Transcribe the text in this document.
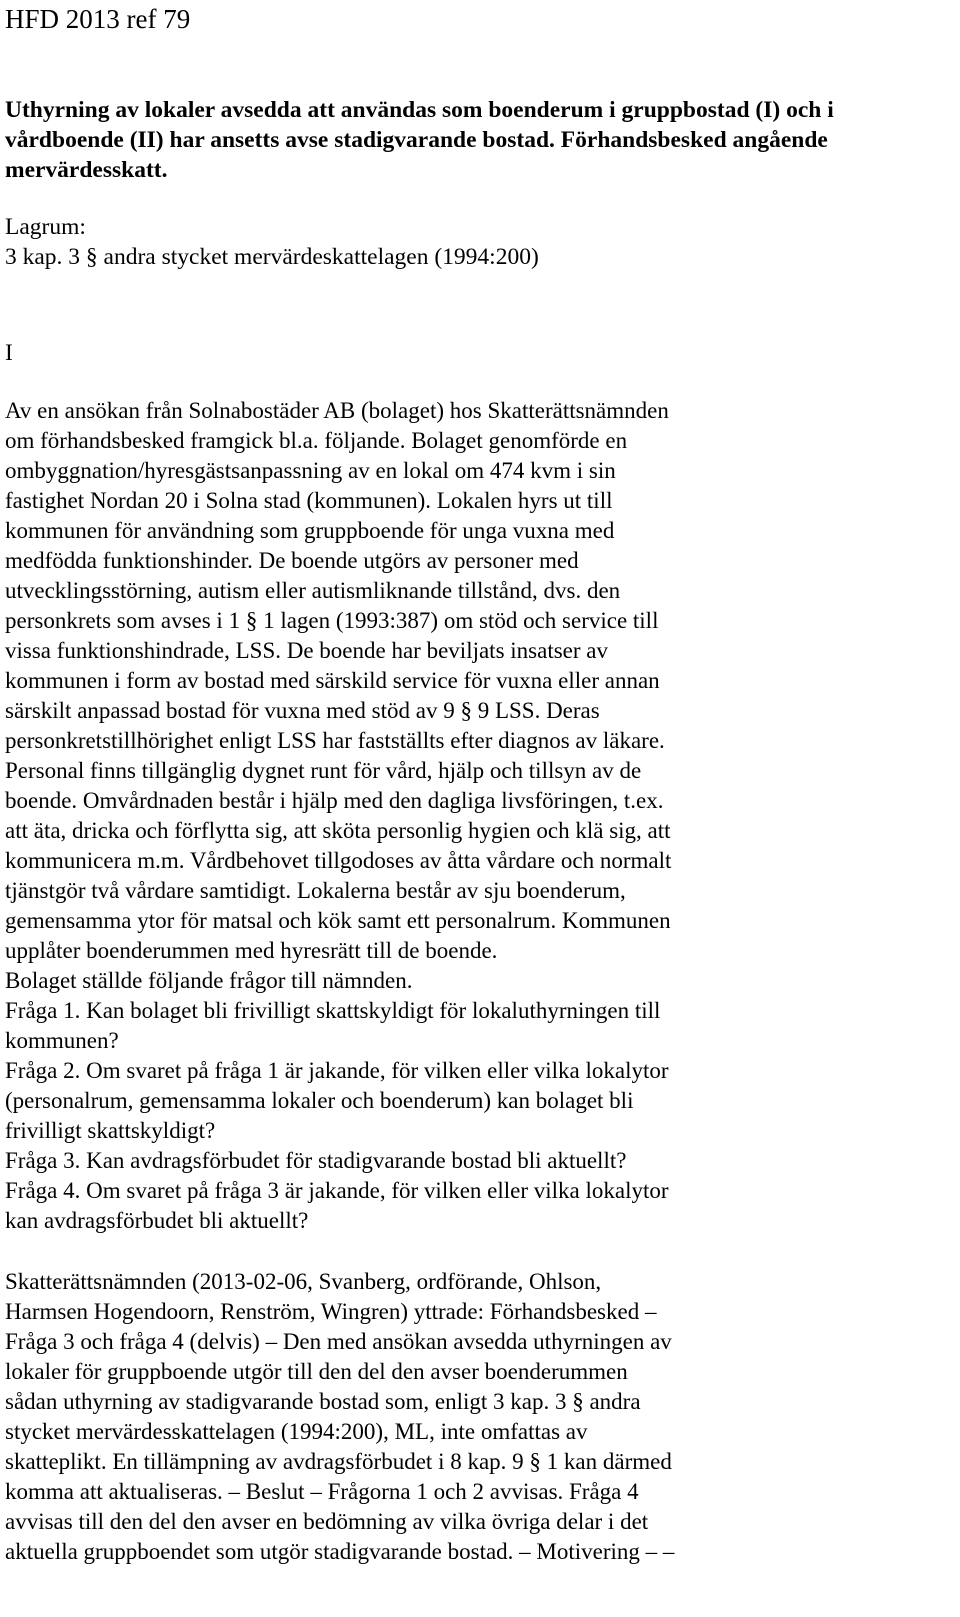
HFD 2013 ref 79
Uthyrning av lokaler avsedda att användas som boenderum i gruppbostad (I) och i
vårdboende (II) har ansetts avse stadigvarande bostad. Förhandsbesked angående
mervärdesskatt.
Lagrum:
3 kap. 3 § andra stycket mervärdeskattelagen (1994:200)
I
Av en ansökan från Solnabostäder AB (bolaget) hos Skatterättsnämnden
om förhandsbesked framgick bl.a. följande. Bolaget genomförde en
ombyggnation/hyresgästsanpassning av en lokal om 474 kvm i sin
fastighet Nordan 20 i Solna stad (kommunen). Lokalen hyrs ut till
kommunen för användning som gruppboende för unga vuxna med
medfödda funktionshinder. De boende utgörs av personer med
utvecklingsstörning, autism eller autismliknande tillstånd, dvs. den
personkrets som avses i 1 § 1 lagen (1993:387) om stöd och service till
vissa funktionshindrade, LSS. De boende har beviljats insatser av
kommunen i form av bostad med särskild service för vuxna eller annan
särskilt anpassad bostad för vuxna med stöd av 9 § 9 LSS. Deras
personkretstillhörighet enligt LSS har fastställts efter diagnos av läkare.
Personal finns tillgänglig dygnet runt för vård, hjälp och tillsyn av de
boende. Omvårdnaden består i hjälp med den dagliga livsföringen, t.ex.
att äta, dricka och förflytta sig, att sköta personlig hygien och klä sig, att
kommunicera m.m. Vårdbehovet tillgodoses av åtta vårdare och normalt
tjänstgör två vårdare samtidigt. Lokalerna består av sju boenderum,
gemensamma ytor för matsal och kök samt ett personalrum. Kommunen
upplåter boenderummen med hyresrätt till de boende.
Bolaget ställde följande frågor till nämnden.
Fråga 1. Kan bolaget bli frivilligt skattskyldigt för lokaluthyrningen till
kommunen?
Fråga 2. Om svaret på fråga 1 är jakande, för vilken eller vilka lokalytor
(personalrum, gemensamma lokaler och boenderum) kan bolaget bli
frivilligt skattskyldigt?
Fråga 3. Kan avdragsförbudet för stadigvarande bostad bli aktuellt?
Fråga 4. Om svaret på fråga 3 är jakande, för vilken eller vilka lokalytor
kan avdragsförbudet bli aktuellt?
Skatterättsnämnden (2013-02-06, Svanberg, ordförande, Ohlson,
Harmsen Hogendoorn, Renström, Wingren) yttrade: Förhandsbesked –
Fråga 3 och fråga 4 (delvis) – Den med ansökan avsedda uthyrningen av
lokaler för gruppboende utgör till den del den avser boenderummen
sådan uthyrning av stadigvarande bostad som, enligt 3 kap. 3 § andra
stycket mervärdesskattelagen (1994:200), ML, inte omfattas av
skatteplikt. En tillämpning av avdragsförbudet i 8 kap. 9 § 1 kan därmed
komma att aktualiseras. – Beslut – Frågorna 1 och 2 avvisas. Fråga 4
avvisas till den del den avser en bedömning av vilka övriga delar i det
aktuella gruppboendet som utgör stadigvarande bostad. – Motivering – –
